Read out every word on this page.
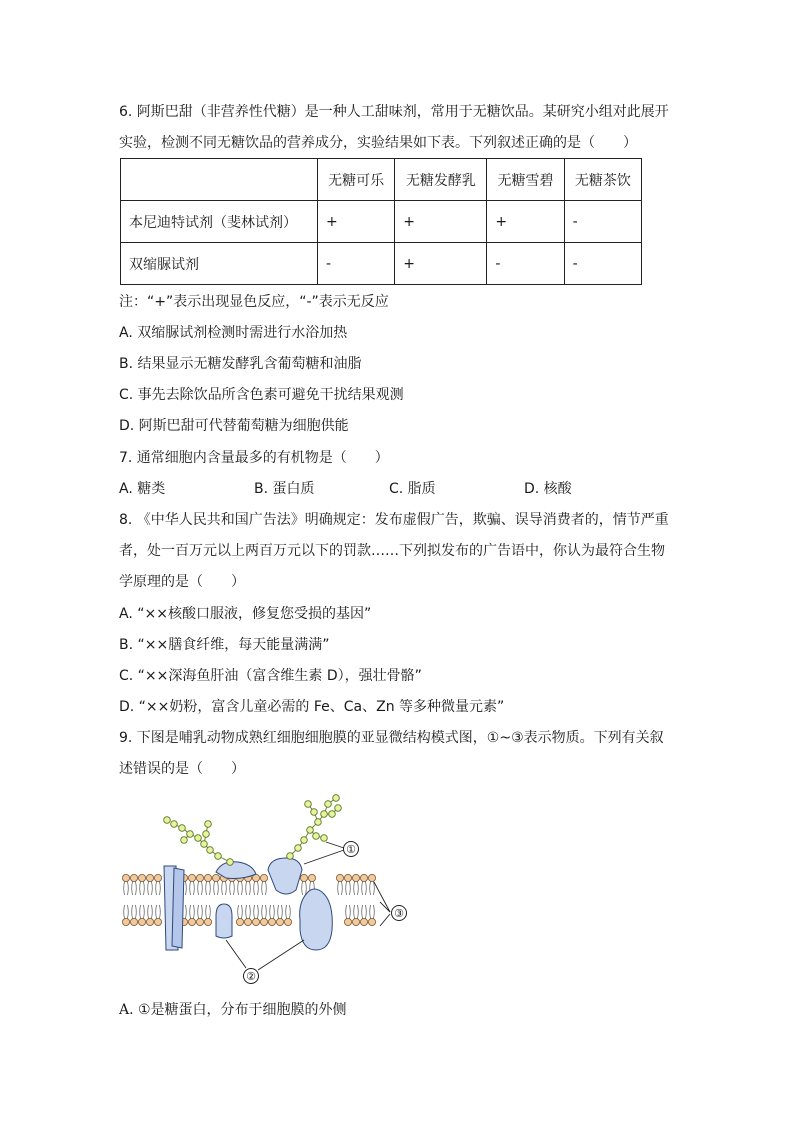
6. 阿斯巴甜（非营养性代糖）是一种人工甜味剂，常用于无糖饮品。某研究小组对此展开
实验，检测不同无糖饮品的营养成分，实验结果如下表。下列叙述正确的是（　　）
	无糖可乐	无糖发酵乳	无糖雪碧	无糖茶饮
本尼迪特试剂（斐林试剂）	+	+	+	-
双缩脲试剂	-	+	-	-
注：“+”表示出现显色反应，“-”表示无反应
A. 双缩脲试剂检测时需进行水浴加热
B. 结果显示无糖发酵乳含葡萄糖和油脂
C. 事先去除饮品所含色素可避免干扰结果观测
D. 阿斯巴甜可代替葡萄糖为细胞供能
7. 通常细胞内含量最多的有机物是（　　）
A. 糖类	B. 蛋白质	C. 脂质	D. 核酸
8. 《中华人民共和国广告法》明确规定：发布虚假广告，欺骗、误导消费者的，情节严重
者，处一百万元以上两百万元以下的罚款……下列拟发布的广告语中，你认为最符合生物
学原理的是（　　）
A. “××核酸口服液，修复您受损的基因”
B. “××膳食纤维，每天能量满满”
C. “××深海鱼肝油（富含维生素 D），强壮骨骼”
D. “××奶粉，富含儿童必需的 Fe、Ca、Zn 等多种微量元素”
9. 下图是哺乳动物成熟红细胞细胞膜的亚显微结构模式图，①~③表示物质。下列有关叙
述错误的是（　　）
①
③
②
A. ①是糖蛋白，分布于细胞膜的外侧
